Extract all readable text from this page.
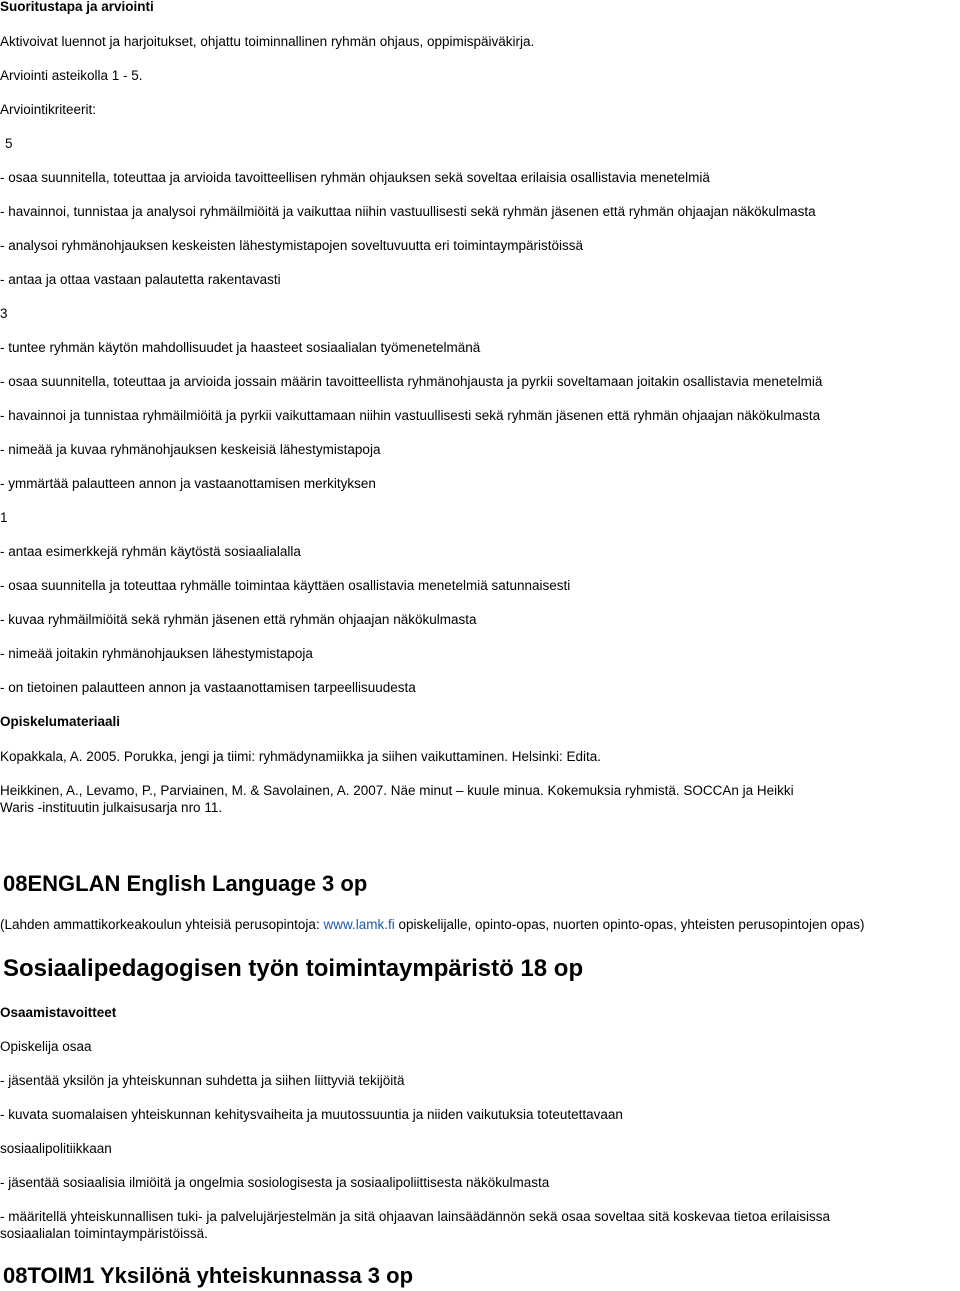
Suoritustapa ja arviointi
Aktivoivat luennot ja harjoitukset, ohjattu toiminnallinen ryhmän ohjaus, oppimispäiväkirja.
Arviointi asteikolla 1 - 5.
Arviointikriteerit:
5
- osaa suunnitella, toteuttaa ja arvioida tavoitteellisen ryhmän ohjauksen sekä soveltaa erilaisia osallistavia menetelmiä
- havainnoi, tunnistaa ja analysoi ryhmäilmiöitä ja vaikuttaa niihin vastuullisesti sekä ryhmän jäsenen että ryhmän ohjaajan näkökulmasta
- analysoi ryhmänohjauksen keskeisten lähestymistapojen soveltuvuutta eri toimintaympäristöissä
- antaa ja ottaa vastaan palautetta rakentavasti
3
- tuntee ryhmän käytön mahdollisuudet ja haasteet sosiaalialan työmenetelmänä
- osaa suunnitella, toteuttaa ja arvioida jossain määrin tavoitteellista ryhmänohjausta ja pyrkii soveltamaan joitakin osallistavia menetelmiä
- havainnoi ja tunnistaa ryhmäilmiöitä ja pyrkii vaikuttamaan niihin vastuullisesti sekä ryhmän jäsenen että ryhmän ohjaajan näkökulmasta
- nimeää ja kuvaa ryhmänohjauksen keskeisiä lähestymistapoja
- ymmärtää palautteen annon ja vastaanottamisen merkityksen
1
- antaa esimerkkejä ryhmän käytöstä sosiaalialalla
- osaa suunnitella ja toteuttaa ryhmälle toimintaa käyttäen osallistavia menetelmiä satunnaisesti
- kuvaa ryhmäilmiöitä sekä ryhmän jäsenen että ryhmän ohjaajan näkökulmasta
- nimeää joitakin ryhmänohjauksen lähestymistapoja
- on tietoinen palautteen annon ja vastaanottamisen tarpeellisuudesta
Opiskelumateriaali
Kopakkala, A. 2005. Porukka, jengi ja tiimi: ryhmädynamiikka ja siihen vaikuttaminen. Helsinki: Edita.
Heikkinen, A., Levamo, P., Parviainen, M. & Savolainen, A. 2007. Näe minut – kuule minua. Kokemuksia ryhmistä. SOCCAn ja Heikki
Waris -instituutin julkaisusarja nro 11.
08ENGLAN English Language 3 op
(Lahden ammattikorkeakoulun yhteisiä perusopintoja: www.lamk.fi opiskelijalle, opinto-opas, nuorten opinto-opas, yhteisten perusopintojen opas)
Sosiaalipedagogisen työn toimintaympäristö 18 op
Osaamistavoitteet
Opiskelija osaa
- jäsentää yksilön ja yhteiskunnan suhdetta ja siihen liittyviä tekijöitä
- kuvata suomalaisen yhteiskunnan kehitysvaiheita ja muutossuuntia ja niiden vaikutuksia toteutettavaan
sosiaalipolitiikkaan
- jäsentää sosiaalisia ilmiöitä ja ongelmia sosiologisesta ja sosiaalipoliittisesta näkökulmasta
- määritellä yhteiskunnallisen tuki- ja palvelujärjestelmän ja sitä ohjaavan lainsäädännön sekä osaa soveltaa sitä koskevaa tietoa erilaisissa
sosiaalialan toimintaympäristöissä.
08TOIM1 Yksilönä yhteiskunnassa 3 op
